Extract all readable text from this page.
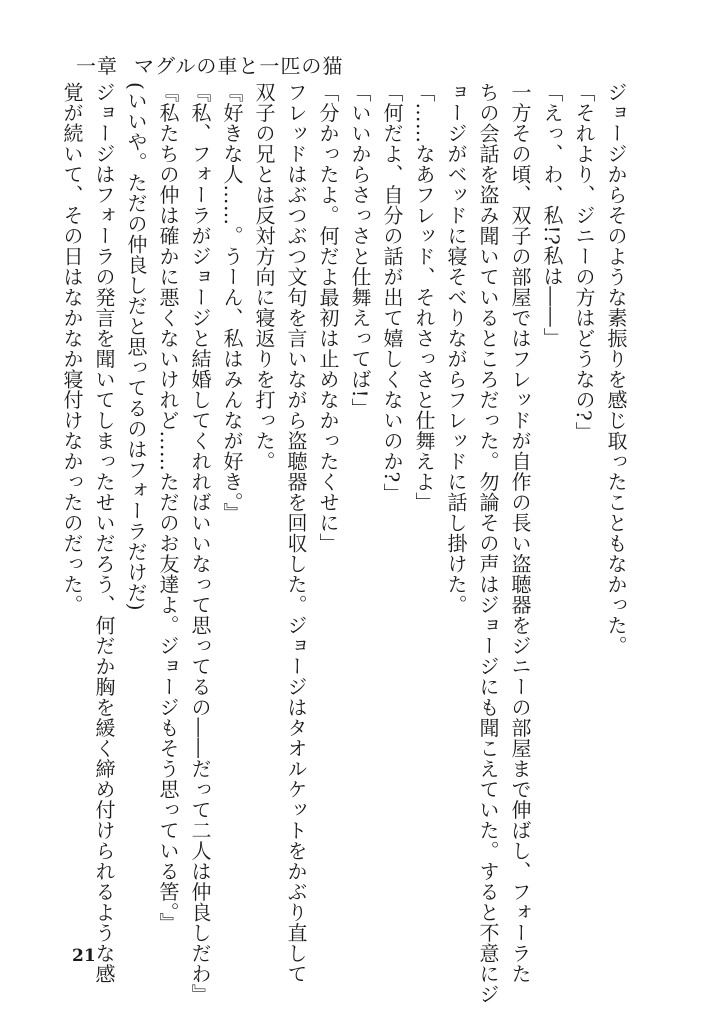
一章 マグルの車と一匹の猫
ジョージからそのような素振りを感じ取ったこともなかった。
「それより、ジニーの方はどうなの?」
「えっ、わ、私!?私は――」
一方その頃、双子の部屋ではフレッドが自作の長い盗聴器をジニーの部屋まで伸ばし、フォーラた
ちの会話を盗み聞いているところだった。勿論その声はジョージにも聞こえていた。すると不意にジ
ョージがベッドに寝そべりながらフレッドに話し掛けた。
「……なあフレッド、それさっさと仕舞えよ」
「何だよ、自分の話が出て嬉しくないのか?」
「いいからさっさと仕舞えってば!」
「分かったよ。何だよ最初は止めなかったくせに」
フレッドはぶつぶつ文句を言いながら盗聴器を回収した。ジョージはタオルケットをかぶり直して
双子の兄とは反対方向に寝返りを打った。
『好きな人……。うーん、私はみんなが好き。』
『私、フォーラがジョージと結婚してくれればいいなって思ってるの――だって二人は仲良しだわ』
『私たちの仲は確かに悪くないけれど……ただのお友達よ。ジョージもそう思っている筈。』
(いいや。ただの仲良しだと思ってるのはフォーラだけだ)
ジョージはフォーラの発言を聞いてしまったせいだろう、何だか胸を緩く締め付けられるような感
覚が続いて、その日はなかなか寝付けなかったのだった。
21
